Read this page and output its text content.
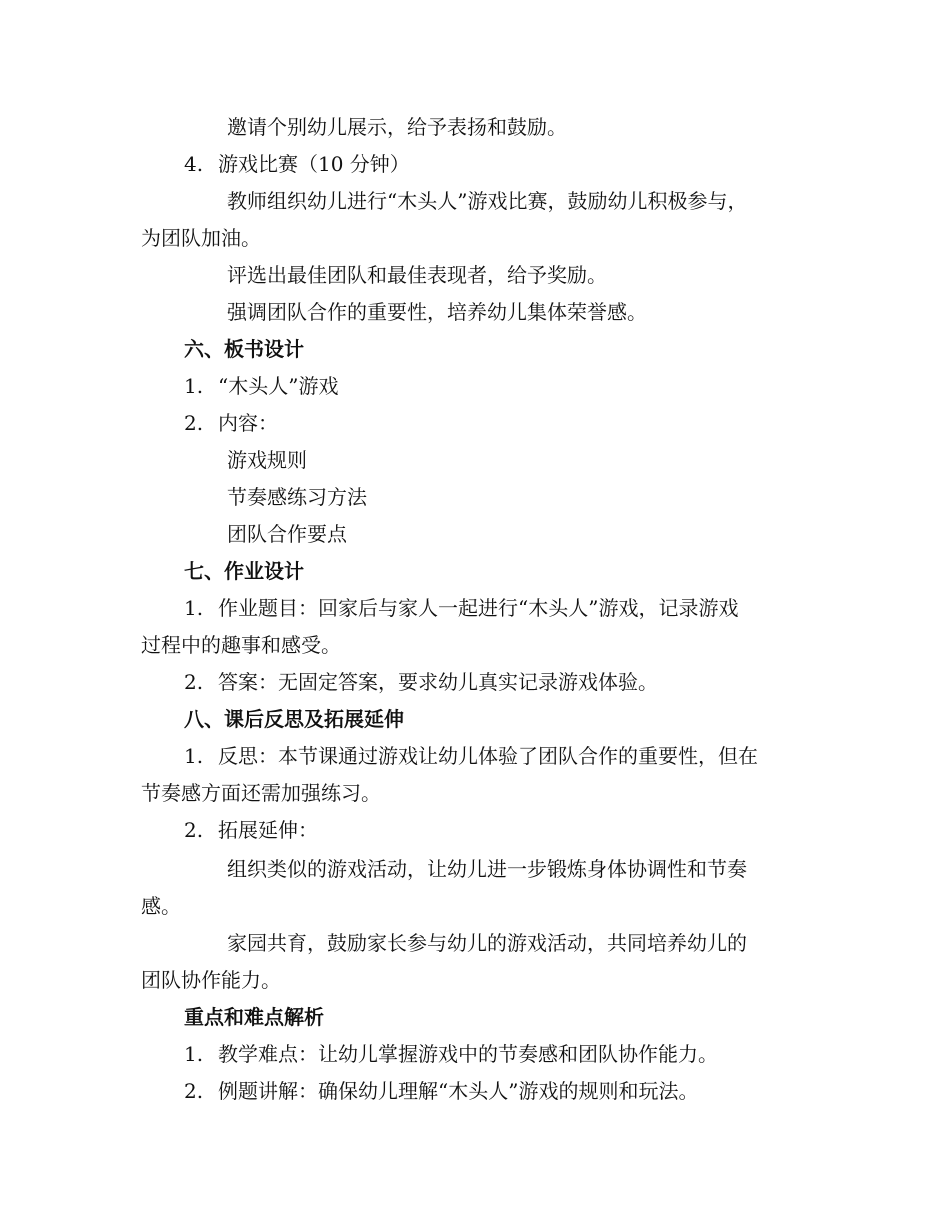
邀请个别幼儿展示，给予表扬和鼓励。
4. 游戏比赛（10 分钟）
教师组织幼儿进行“木头人”游戏比赛，鼓励幼儿积极参与，
为团队加油。
评选出最佳团队和最佳表现者，给予奖励。
强调团队合作的重要性，培养幼儿集体荣誉感。
六、板书设计
1. “木头人”游戏
2. 内容：
游戏规则
节奏感练习方法
团队合作要点
七、作业设计
1. 作业题目：回家后与家人一起进行“木头人”游戏，记录游戏
过程中的趣事和感受。
2. 答案：无固定答案，要求幼儿真实记录游戏体验。
八、课后反思及拓展延伸
1. 反思：本节课通过游戏让幼儿体验了团队合作的重要性，但在
节奏感方面还需加强练习。
2. 拓展延伸：
组织类似的游戏活动，让幼儿进一步锻炼身体协调性和节奏
感。
家园共育，鼓励家长参与幼儿的游戏活动，共同培养幼儿的
团队协作能力。
重点和难点解析
1. 教学难点：让幼儿掌握游戏中的节奏感和团队协作能力。
2. 例题讲解：确保幼儿理解“木头人”游戏的规则和玩法。
